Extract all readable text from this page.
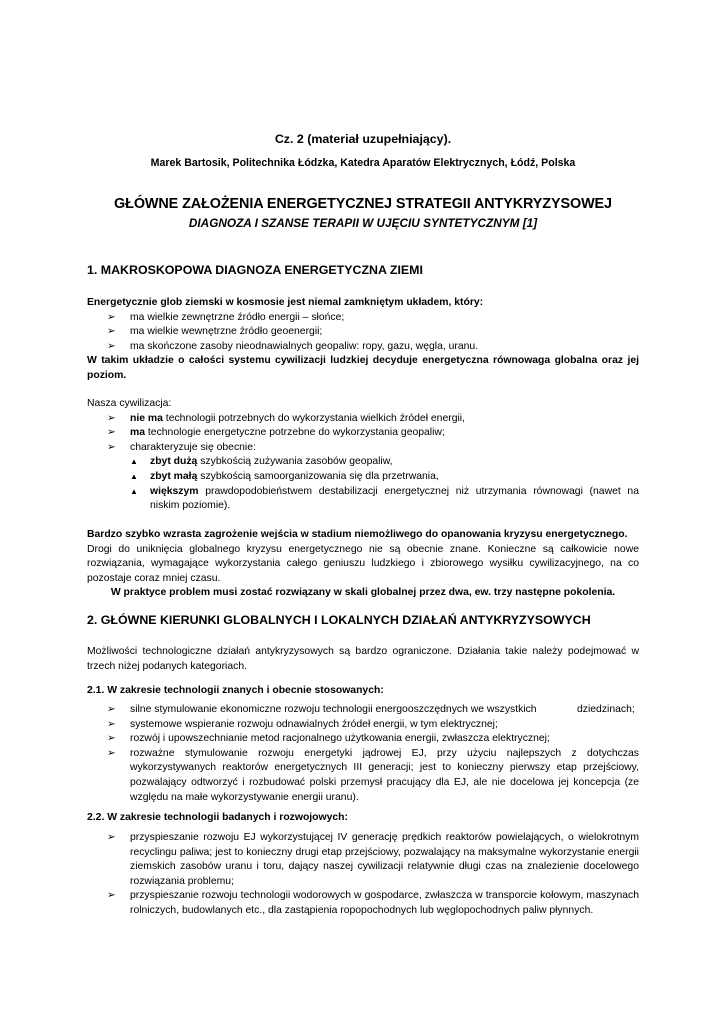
Cz. 2 (materiał uzupełniający).
Marek Bartosik, Politechnika Łódzka, Katedra Aparatów Elektrycznych, Łódź, Polska
GŁÓWNE ZAŁOŻENIA ENERGETYCZNEJ STRATEGII ANTYKRYZYSOWEJ
DIAGNOZA I SZANSE TERAPII W UJĘCIU SYNTETYCZNYM [1]
1. MAKROSKOPOWA DIAGNOZA ENERGETYCZNA ZIEMI
Energetycznie glob ziemski w kosmosie jest niemal zamkniętym układem, który:
➢ ma wielkie zewnętrzne źródło energii – słońce;
➢ ma wielkie wewnętrzne źródło geoenergii;
➢ ma skończone zasoby nieodnawialnych geopaliw: ropy, gazu, węgla, uranu.
W takim układzie o całości systemu cywilizacji ludzkiej decyduje energetyczna równowaga globalna oraz jej poziom.
Nasza cywilizacja:
➢ nie ma technologii potrzebnych do wykorzystania wielkich źródeł energii,
➢ ma technologie energetyczne potrzebne do wykorzystania geopaliw;
➢ charakteryzuje się obecnie:
▲ zbyt dużą szybkością zużywania zasobów geopaliw,
▲ zbyt małą szybkością samoorganizowania się dla przetrwania,
▲ większym prawdopodobieństwem destabilizacji energetycznej niż utrzymania równowagi (nawet na niskim poziomie).
Bardzo szybko wzrasta zagrożenie wejścia w stadium niemożliwego do opanowania kryzysu energetycznego.
Drogi do uniknięcia globalnego kryzysu energetycznego nie są obecnie znane. Konieczne są całkowicie nowe rozwiązania, wymagające wykorzystania całego geniuszu ludzkiego i zbiorowego wysiłku cywilizacyjnego, na co pozostaje coraz mniej czasu.
W praktyce problem musi zostać rozwiązany w skali globalnej przez dwa, ew. trzy następne pokolenia.
2. GŁÓWNE KIERUNKI GLOBALNYCH I LOKALNYCH DZIAŁAŃ ANTYKRYZYSOWYCH
Możliwości technologiczne działań antykryzysowych są bardzo ograniczone. Działania takie należy podejmować w trzech niżej podanych kategoriach.
2.1. W zakresie technologii znanych i obecnie stosowanych:
➢ silne stymulowanie ekonomiczne rozwoju technologii energooszczędnych we wszystkich              dziedzinach;
➢ systemowe wspieranie rozwoju odnawialnych źródeł energii, w tym elektrycznej;
➢ rozwój i upowszechnianie metod racjonalnego użytkowania energii, zwłaszcza elektrycznej;
➢ rozważne stymulowanie rozwoju energetyki jądrowej EJ, przy użyciu najlepszych z dotychczas wykorzystywanych reaktorów energetycznych III generacji; jest to konieczny pierwszy etap przejściowy, pozwalający odtworzyć i rozbudować polski przemysł pracujący dla EJ, ale nie docelowa jej koncepcja (ze względu na małe wykorzystywanie energii uranu).
2.2. W zakresie technologii badanych i rozwojowych:
➢ przyspieszanie rozwoju EJ wykorzystującej IV generację prędkich reaktorów powielających, o wielokrotnym recyclingu paliwa; jest to konieczny drugi etap przejściowy, pozwalający na maksymalne wykorzystanie energii ziemskich zasobów uranu i toru, dający naszej cywilizacji relatywnie długi czas na znalezienie docelowego rozwiązania problemu;
➢ przyspieszanie rozwoju technologii wodorowych w gospodarce, zwłaszcza w transporcie kołowym, maszynach rolniczych, budowlanych etc., dla zastąpienia ropopochodnych lub węglopochodnych paliw płynnych.
